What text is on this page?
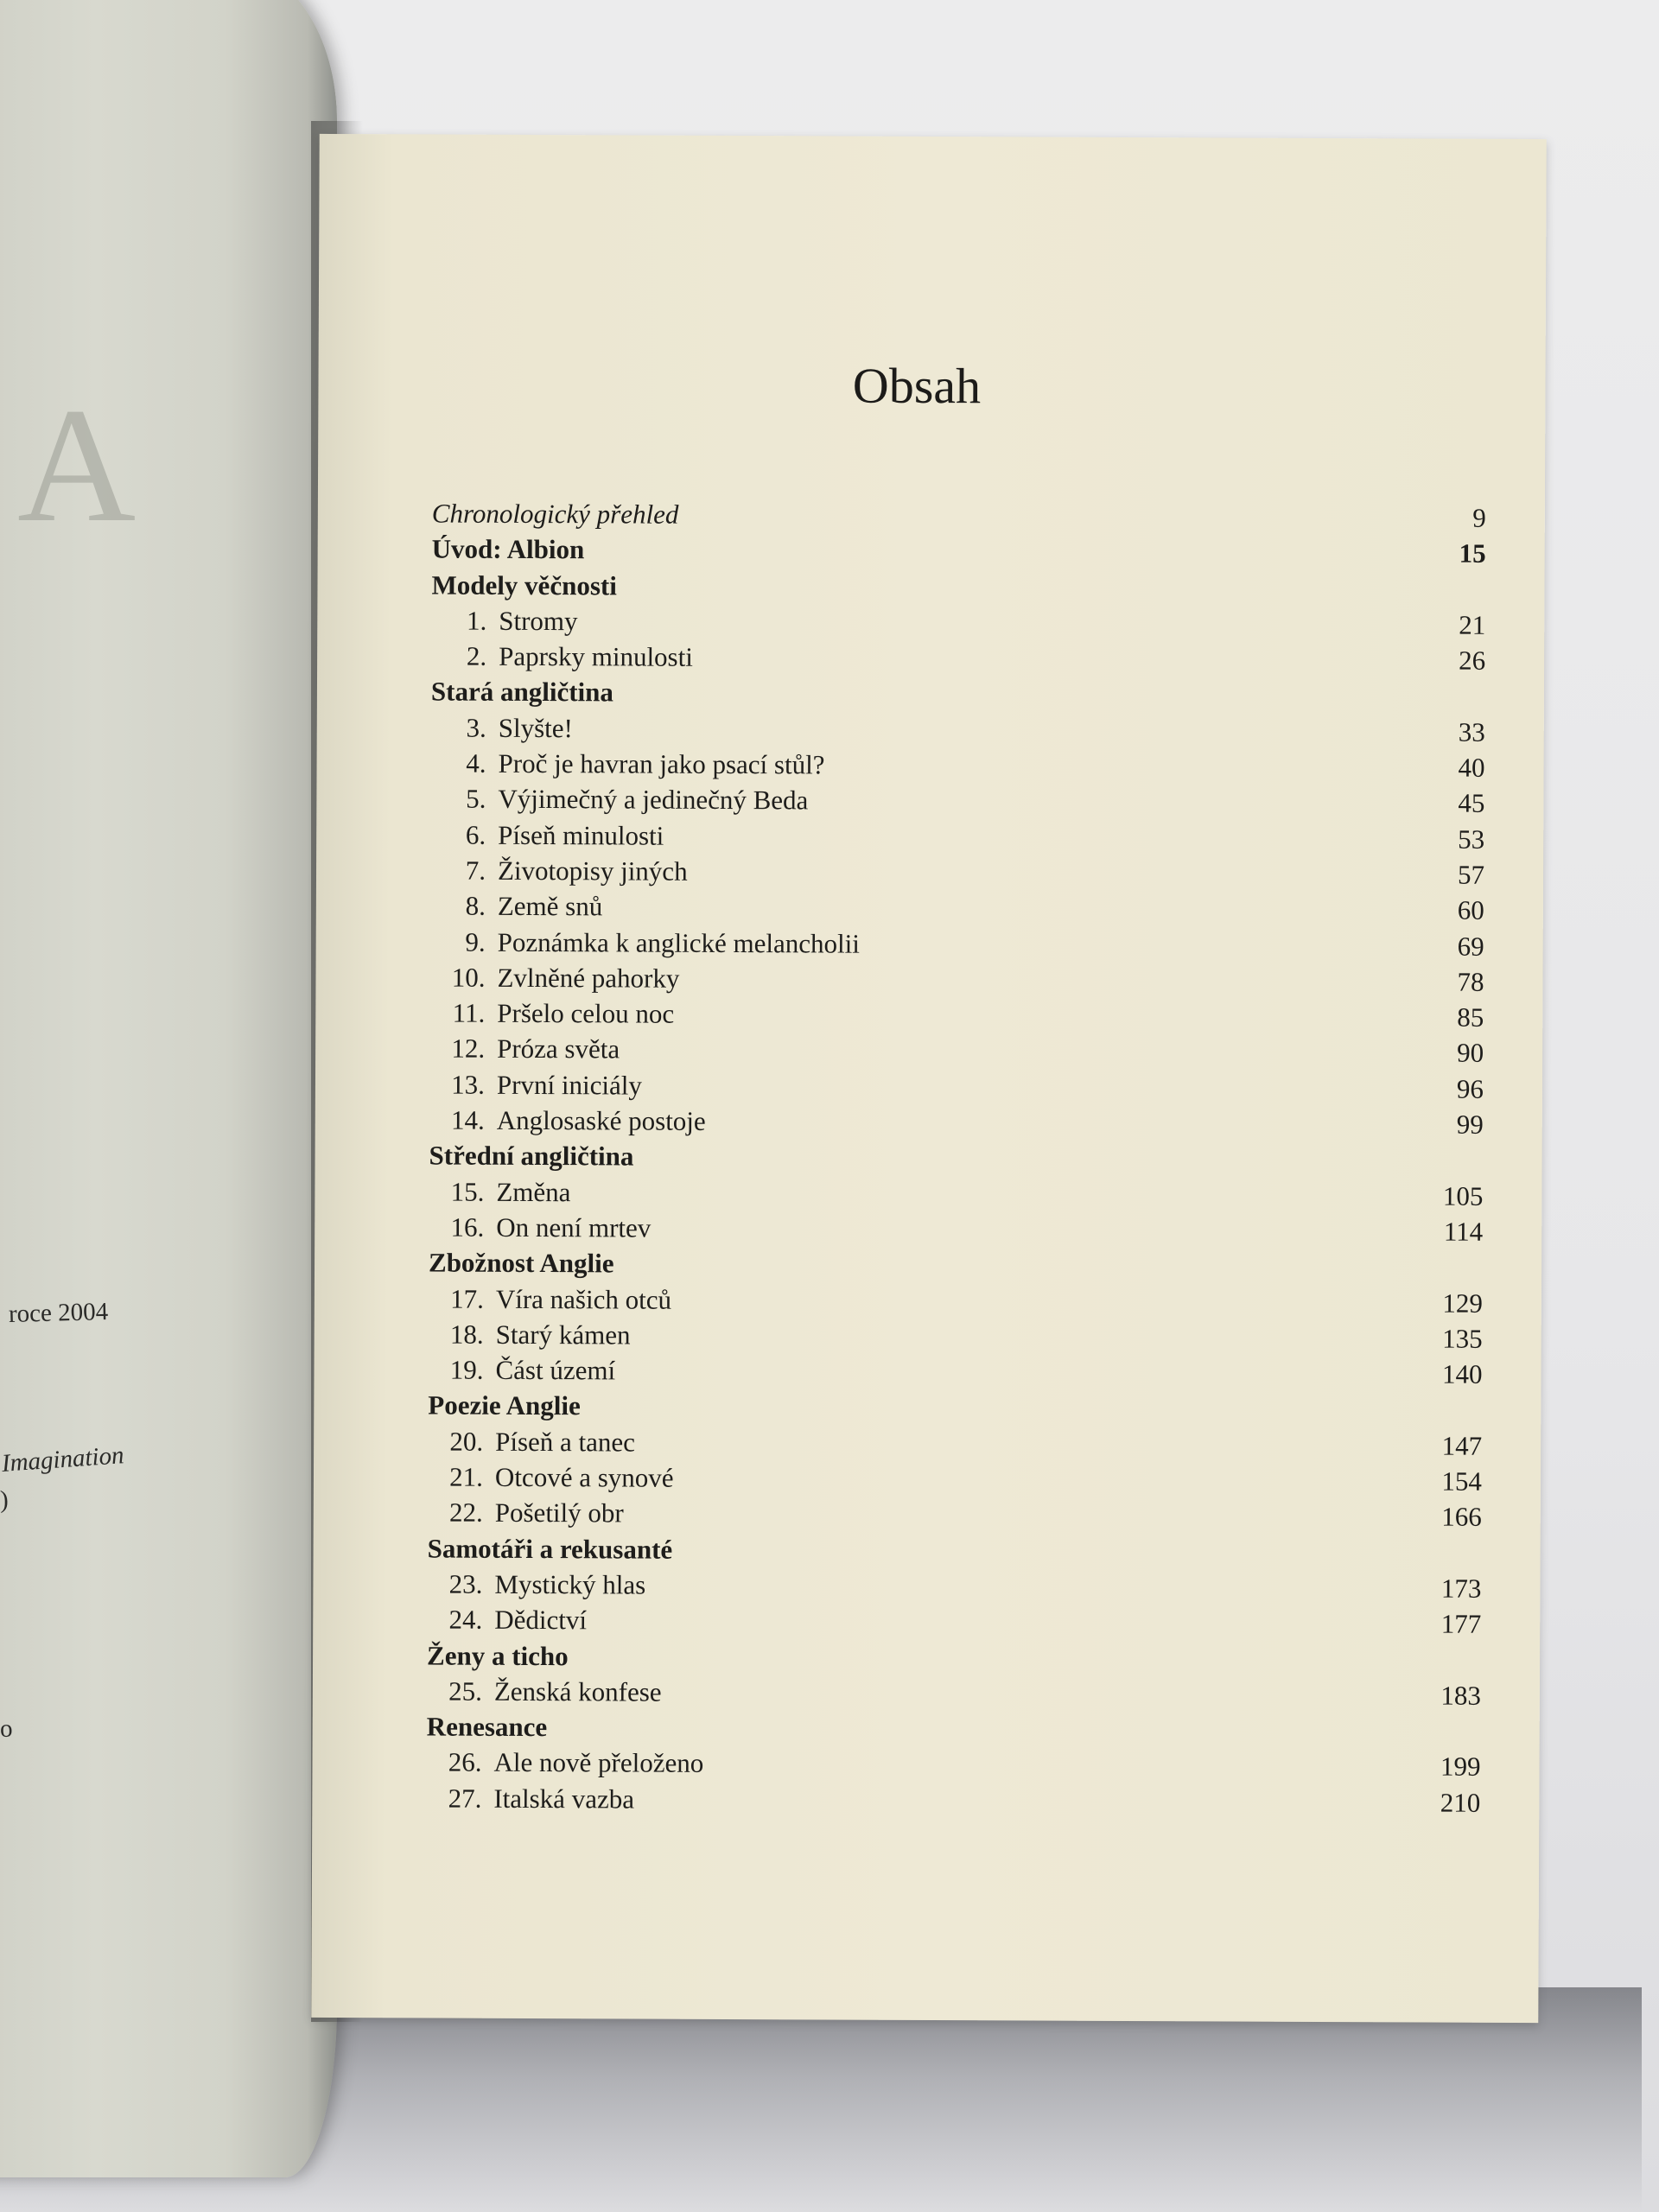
A
roce 2004
Imagination
)
o
Obsah
Chronologický přehled	9
Úvod: Albion	15
Modely věčnosti
1. Stromy	21
2. Paprsky minulosti	26
Stará angličtina
3. Slyšte!	33
4. Proč je havran jako psací stůl?	40
5. Výjimečný a jedinečný Beda	45
6. Píseň minulosti	53
7. Životopisy jiných	57
8. Země snů	60
9. Poznámka k anglické melancholii	69
10. Zvlněné pahorky	78
11. Pršelo celou noc	85
12. Próza světa	90
13. První iniciály	96
14. Anglosaské postoje	99
Střední angličtina
15. Změna	105
16. On není mrtev	114
Zbožnost Anglie
17. Víra našich otců	129
18. Starý kámen	135
19. Část území	140
Poezie Anglie
20. Píseň a tanec	147
21. Otcové a synové	154
22. Pošetilý obr	166
Samotáři a rekusanté
23. Mystický hlas	173
24. Dědictví	177
Ženy a ticho
25. Ženská konfese	183
Renesance
26. Ale nově přeloženo	199
27. Italská vazba	210
